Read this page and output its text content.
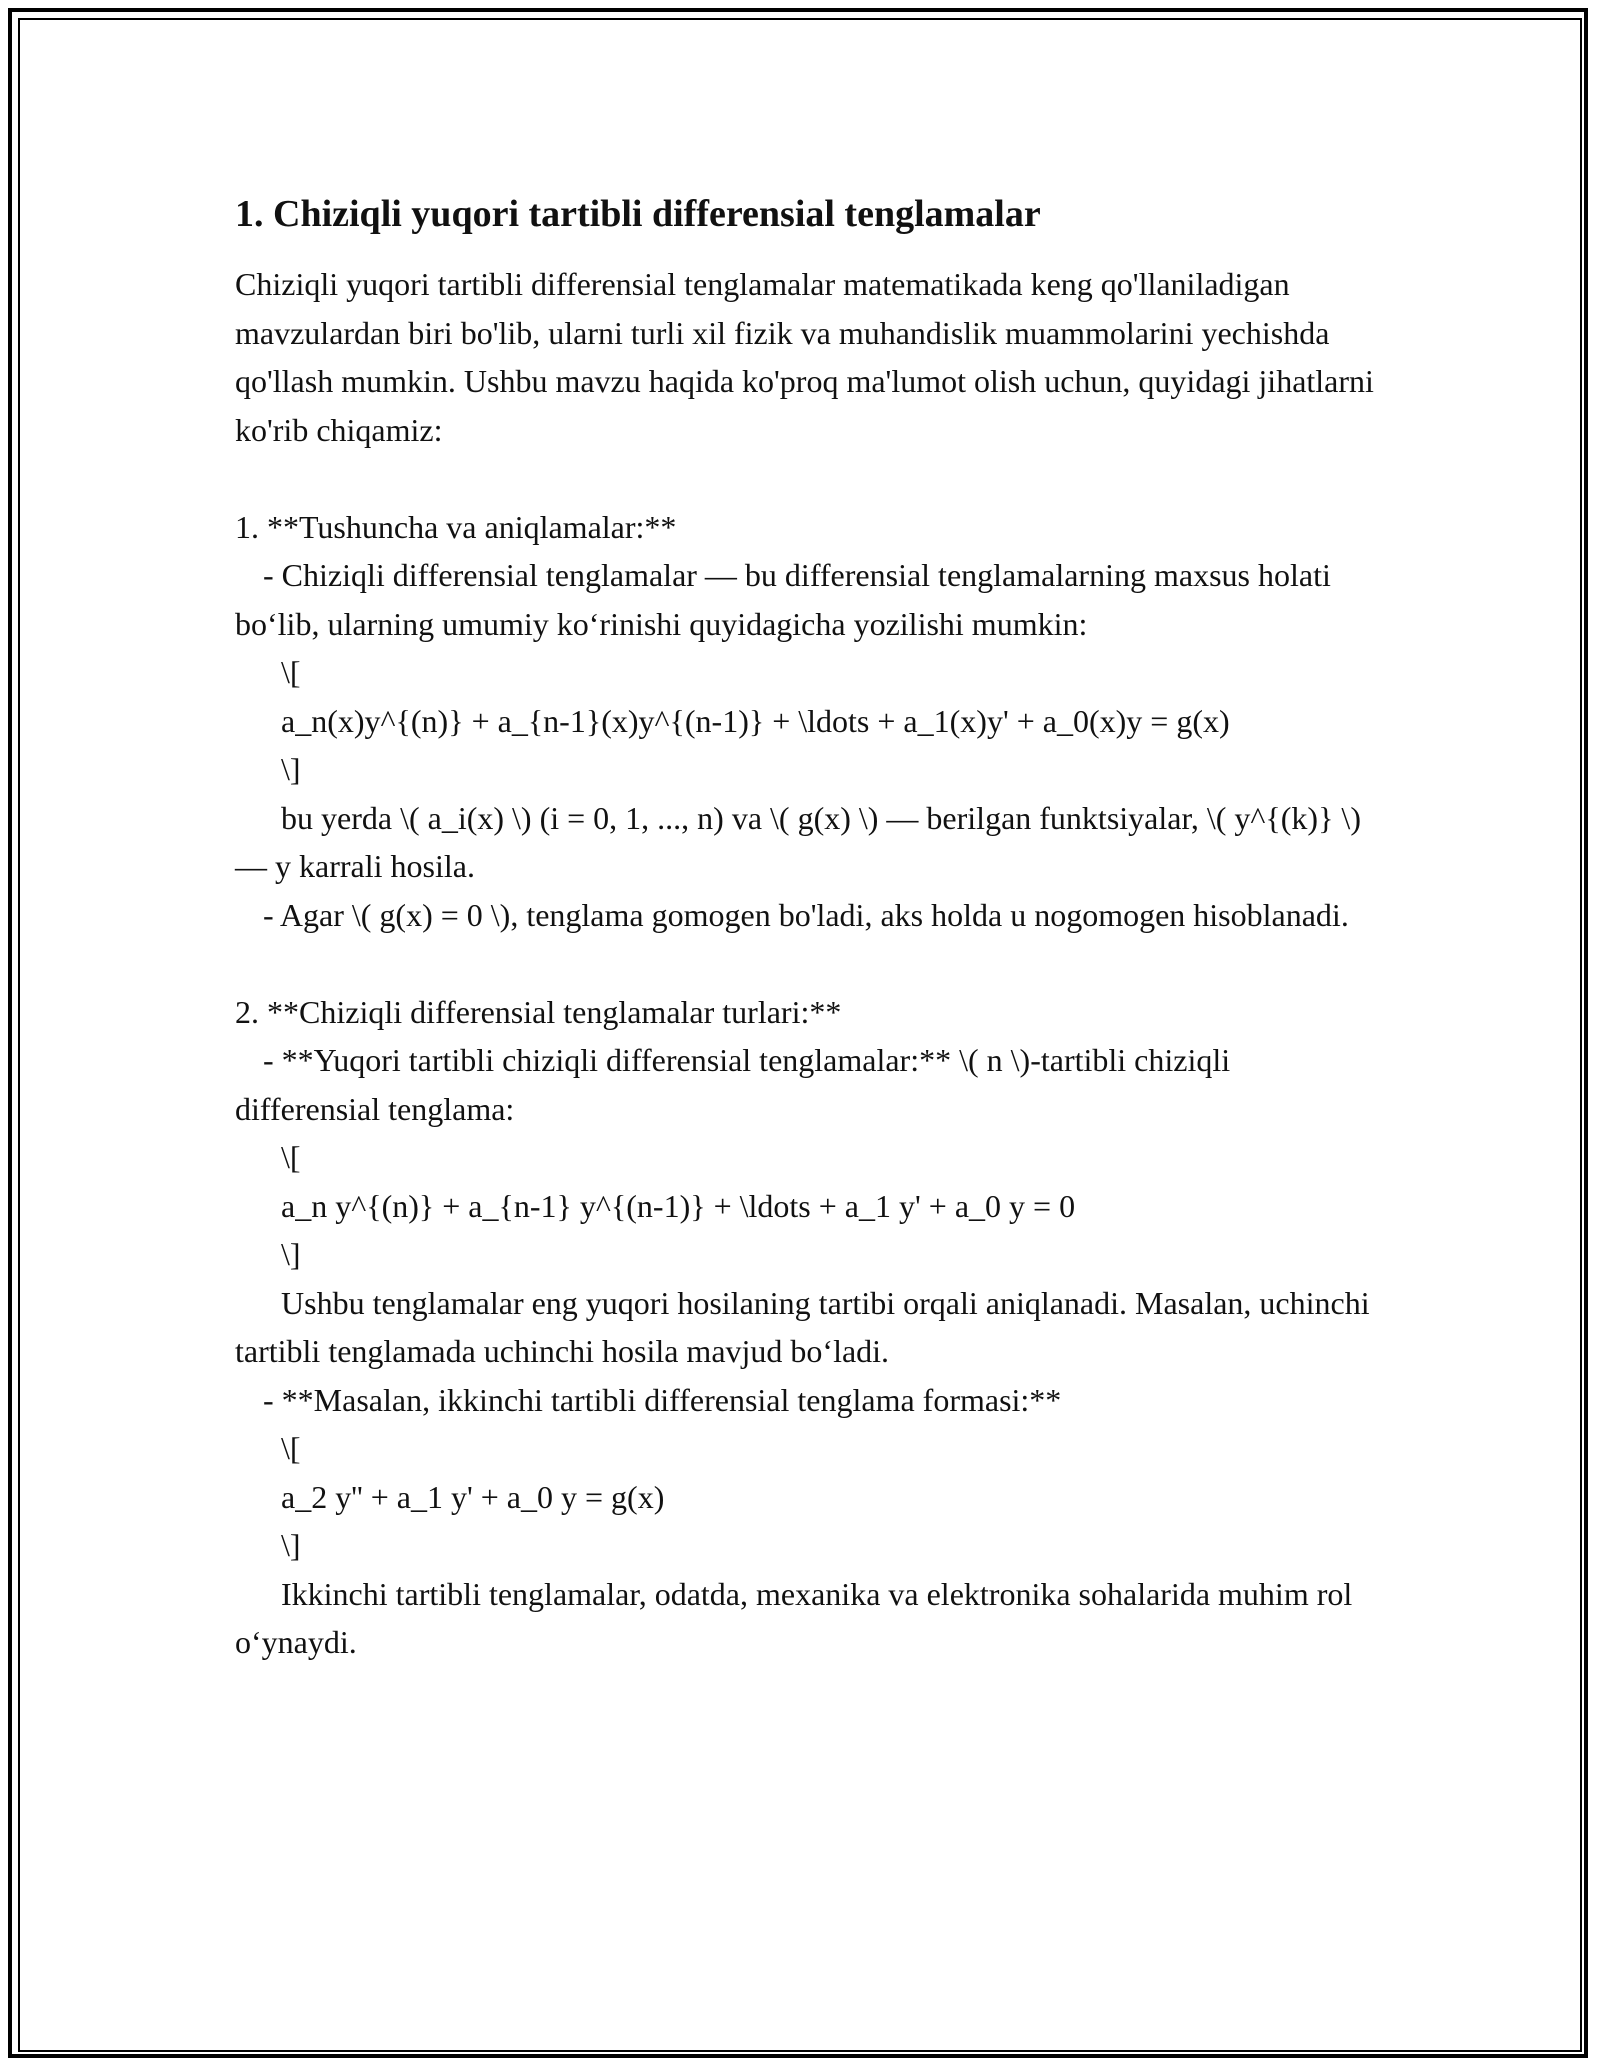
1. Chiziqli yuqori tartibli differensial tenglamalar

Chiziqli yuqori tartibli differensial tenglamalar matematikada keng qo'llaniladigan mavzulardan biri bo'lib, ularni turli xil fizik va muhandislik muammolarini yechishda qo'llash mumkin. Ushbu mavzu haqida ko'proq ma'lumot olish uchun, quyidagi jihatlarni ko'rib chiqamiz:

1. **Tushuncha va aniqlamalar:**

- Chiziqli differensial tenglamalar — bu differensial tenglamalarning maxsus holati bo‘lib, ularning umumiy ko‘rinishi quyidagicha yozilishi mumkin:

\[

a_n(x)y^{(n)} + a_{n-1}(x)y^{(n-1)} + \ldots + a_1(x)y' + a_0(x)y = g(x)

\]

bu yerda \( a_i(x) \) (i = 0, 1, ..., n) va \( g(x) \) — berilgan funktsiyalar, \( y^{(k)} \) — y karrali hosila.

- Agar \( g(x) = 0 \), tenglama gomogen bo'ladi, aks holda u nogomogen hisoblanadi.

2. **Chiziqli differensial tenglamalar turlari:**

- **Yuqori tartibli chiziqli differensial tenglamalar:** \( n \)-tartibli chiziqli differensial tenglama:

\[

a_n y^{(n)} + a_{n-1} y^{(n-1)} + \ldots + a_1 y' + a_0 y = 0

\]

Ushbu tenglamalar eng yuqori hosilaning tartibi orqali aniqlanadi. Masalan, uchinchi tartibli tenglamada uchinchi hosila mavjud bo‘ladi.

- **Masalan, ikkinchi tartibli differensial tenglama formasi:**

\[

a_2 y'' + a_1 y' + a_0 y = g(x)

\]

Ikkinchi tartibli tenglamalar, odatda, mexanika va elektronika sohalarida muhim rol o‘ynaydi.
